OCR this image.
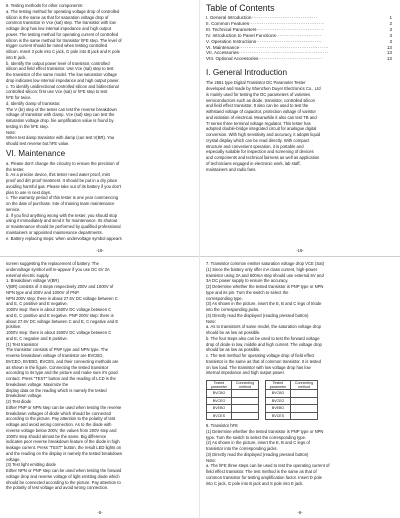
6. Testing methods for other components:

a. The testing method for operating voltage drop of controlled

silicon is the same as that for saturation voltage drop of

common transistor in Vce (sat) step. The transistor with low

voltage drop has low internal impedance and high output

power. The testing method for operating current of controlled

silicon is the same method for transistor hFE step. The level of

trigger current should be noted when testing controlled

silicon. Insert 3 pole into C jack, G pole into B jack and K pole

into E jack.

b. Identify the output power level of transistor, controlled

silicon and field effect transistor. Use Vce (sat) step to test

the transistor of the same model. The low saturation voltage

drop indicates low internal impedance and high output power.

c. To identify unidirectional controlled silicon and bidirectional

controlled silicon: first use Vce (sat) or hFE step to test

hFE for twice.

d. Identify clamp of transistor.

The V (br) step of the tester can test the reverse breakdown

voltage of transistor with clamp. Vce (sat) step can test the

saturation voltage drop. hie amplification value is found by

testing in the hFE step.

Note:

When test damp transistor with damp (can test V(BR). You

should test reverse but hFE value.

VI. Maintenance

a. Please don't change the circuitry to ensure the precision of

the tester.

b. As a precise device, this tester need water proof, mist

proof and dirt proof treatment. It should be put in a dry place

avoiding harmful gas. Please take out of its battery if you don't

plan to use in next days.

c. The warranty period of this tester is one year commencing

on the date of purchase. Inte of training team maintenance

service.

d. If you find anything wrong with the tester, you should stop

using it immediately and send it for maintenance. Its shutout

or maintenance should be performed by qualified professional

maintainers or appointed maintenance departments.

e. Battery replacing steps: when undervoltage symbol appears

-18-
Table of Contents
I. General Introduction ····································	1
II. Common Features ·········································	2
III. Technical Parameters ·····································	3
IV. Introduction to Panel Functions ·························	3
V. Operation Instructions ····································	3
VI. Maintenance ·················································	13
VII. Accessories ·················································	13
VIII. Optional Accessories ···································	13
I. General Introduction

The 2561 type Digital Transistor DC Parameter Tester

developed and made by Shenzhen Duyer Electronics Co., Ltd

is mainly used for testing the DC parameters of varieties

semiconductors such as diode, transistor, controlled silicon

and field effect transistor. It also can be used to test the

withstand voltage of capacitor, protection voltage of varistor

and isolation of electrical. Meanwhile it also can test TB and

TI series three terminal voltage regulator. This tester has

adopted double-bridge integrated circuit for analogue digital

conversion. With high sensitivity and accuracy, it adopts liquid

crystal display which can be read directly. With compact

structure and convenient operation, it is portable and

especially suitable for inspection and screening of devices

and components and technical fairness as well as application

of technicians engaged in electronic work, lab staff,

maintainers and radio fans.

-19-

screen suggesting the replacement of battery. The

undervoltage symbol will re-appear if you use DC 6V 3A

external electric supply.

1. Breakdown voltage V(BR)

V(BR) consists of 4 steps respectively 200V and 1000V of

NPN type and 200V and 1000V of PNP.

NPN 200V step: there is about 27.6V DC voltage between C

and E, C positive and E negative.

1000V step: there is about 1500V DC voltage between C

and E, C positive and E negative. PNP 200V step: there is

about 27.6V DC voltage between C and E, C negative and E

positive.

1000V step: there is about 1500V DC voltage between C

and E, C negative and E positive.

(1) Test transistor

The transistor consists of PNP type and NPN type. The

reverse breakdown voltage of transistor are BVCBO,

BVCEO, BVEBO, BVCES, and their connecting methods are

as shown in the figure. Connecting the tested transistor

according to its type and the picture and make sure it's good

contact. Press "TEST" button and the reading of LCD is the

breakdown voltage. Maximize the

display data on the reading which is namely the tested

breakdown voltage.

(2) Test diode

Either PNP or NPN step can be used when testing the reverse

breakdown voltages of diode which should be connected

according to the picture. Pay attention to the polarity of test

voltage and avoid wrong connection. As to the diode with

reverse voltage below 200V, the values from 200V step and

1000V step should almost be the same. Big difference

indicates poor reverse breakdown feature of the diode in high

leakage current. Press "TEST" button, the result LED lights on

and the reading on the display is namely the tested breakdown

voltage.

(3) Test light emitting diode

Either NPN or PNP step can be used when testing the forward

voltage drop and reverse voltage of light emitting diode which

should be connected according to the picture. Pay attention to

the polarity of test voltage and avoid wrong connection.

-5-

7. Transistor common emitter saturation voltage drop VCE (Sat)

(1) Since the battery only offer mA class current, high-power

transistor using 3A and 600mA step should use external 6V and

3A DC power supply to ensure the accuracy.

(2) Determine whether the tested transistor is PNP type or NPN

type and its pin. Turn the switch to select the

corresponding type.

(3) As shown in the picture, insert the E, B and C legs of triode

into the corresponding jacks.

(4) Directly read the displayed (reading pressed button)

Note:

a. As to transistors of same model, the saturation voltage drop

should be as low as possible.

b. The four steps also can be used to test the forward voltage

drop of diode in low, middle and high current. The voltage drop

should be as low as possible.

c. The test method for operating voltage drop of field effect

transistor is the same as that of common transistor. It is tested

on low load. The transistor with low voltage drop has low

internal impedance and high output power.

Tested parameter	Connecting method
BVCBO	
BVCEO	
BVEBO	
BVCES	
Tested parameter	Connecting method
BVCBO	
BVCEO	
BVEBO	
BVCES	

8. Transistor hFE

(1) Determine whether the tested transistor is PNP type or NPN

type. Turn the switch to select the corresponding type.

(2) As shown in the picture, insert the E, B and C legs of

transistor into the corresponding jacks.

(3) Directly read the displayed (reading pressed button)

Note:

a. The hFE three steps can be used to test the operating current of

field effect transistor. The test method is the same as that of

common transistor for testing amplification factor. Insert D pole

into C jack, G pole into B jack and S pole into E jack.

-6-
